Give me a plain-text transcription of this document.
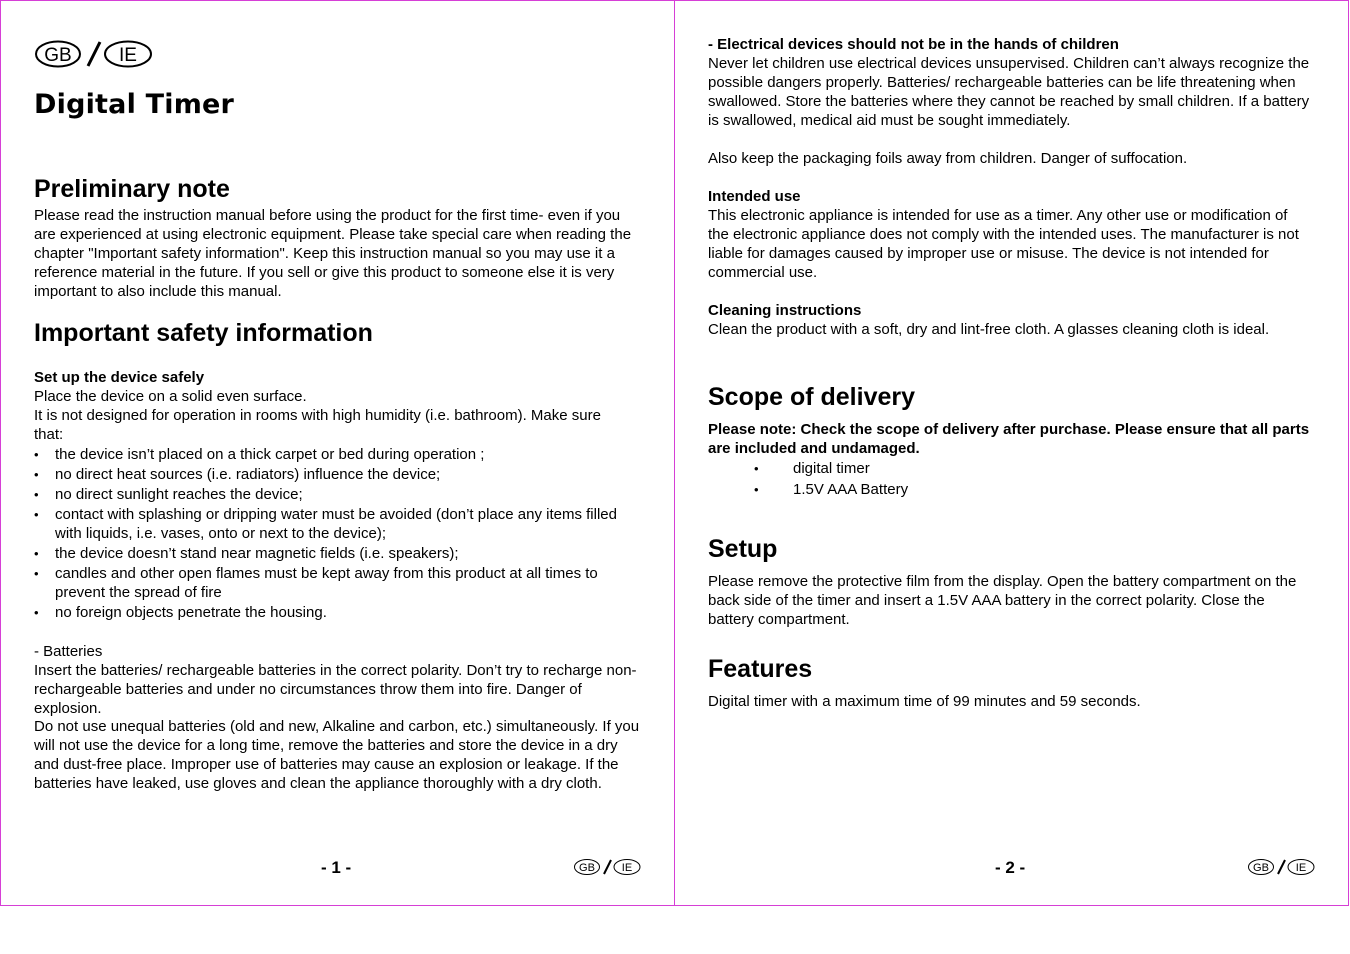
GB IE
Digital Timer
Preliminary note

Please read the instruction manual before using the product for the first time- even if you are experienced at using electronic equipment. Please take special care when reading the chapter "Important safety information". Keep this instruction manual so you may use it a reference material in the future. If you sell or give this product to someone else it is very important to also include this manual.

Important safety information

Set up the device safely

Place the device on a solid even surface.

It is not designed for operation in rooms with high humidity (i.e. bathroom). Make sure that:

• the device isn’t placed on a thick carpet or bed during operation ;
• no direct heat sources (i.e. radiators) influence the device;
• no direct sunlight reaches the device;
• contact with splashing or dripping water must be avoided (don’t place any items filled with liquids, i.e. vases, onto or next to the device);
• the device doesn’t stand near magnetic fields (i.e. speakers);
• candles and other open flames must be kept away from this product at all times to prevent the spread of fire
• no foreign objects penetrate the housing.

- Batteries

Insert the batteries/ rechargeable batteries in the correct polarity. Don’t try to recharge non-rechargeable batteries and under no circumstances throw them into fire. Danger of explosion.

Do not use unequal batteries (old and new, Alkaline and carbon, etc.) simultaneously. If you will not use the device for a long time, remove the batteries and store the device in a dry and dust-free place. Improper use of batteries may cause an explosion or leakage. If the batteries have leaked, use gloves and clean the appliance thoroughly with a dry cloth.

- 1 -	GB IE

- Electrical devices should not be in the hands of children

Never let children use electrical devices unsupervised. Children can’t always recognize the possible dangers properly. Batteries/ rechargeable batteries can be life threatening when swallowed. Store the batteries where they cannot be reached by small children. If a battery is swallowed, medical aid must be sought immediately.

Also keep the packaging foils away from children. Danger of suffocation.

Intended use

This electronic appliance is intended for use as a timer. Any other use or modification of the electronic appliance does not comply with the intended uses. The manufacturer is not liable for damages caused by improper use or misuse. The device is not intended for commercial use.

Cleaning instructions

Clean the product with a soft, dry and lint-free cloth. A glasses cleaning cloth is ideal.

Scope of delivery

Please note: Check the scope of delivery after purchase. Please ensure that all parts are included and undamaged.

• digital timer
• 1.5V AAA Battery
Setup

Please remove the protective film from the display. Open the battery compartment on the back side of the timer and insert a 1.5V AAA battery in the correct polarity. Close the battery compartment.

Features

Digital timer with a maximum time of 99 minutes and 59 seconds.

- 2 -	GB IE
